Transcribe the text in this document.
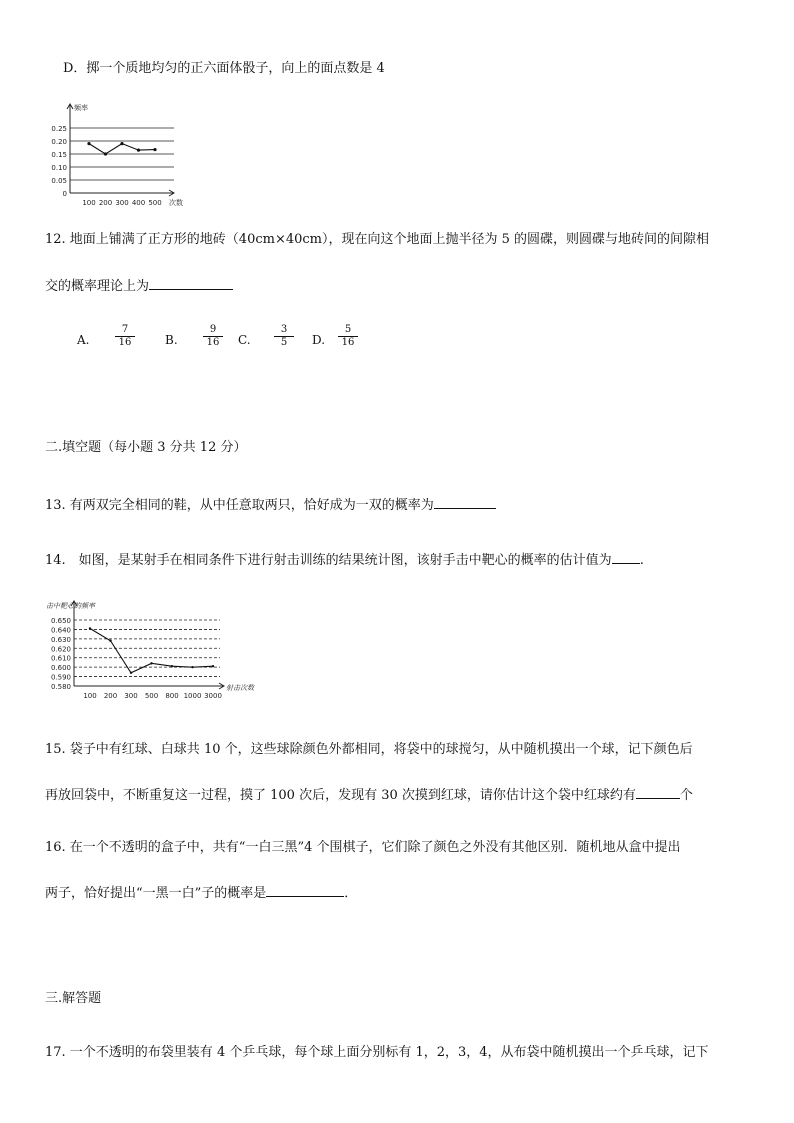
D．掷一个质地均匀的正六面体骰子，向上的面点数是 4
0.25
0.20
0.15
0.10
0.05
0
100 200 300 400 500
频率
次数
12. 地面上铺满了正方形的地砖（40cm×40cm），现在向这个地面上抛半径为 5 的圆碟，则圆碟与地砖间的间隙相
交的概率理论上为
A.	$\frac{7}{16}$	B.	$\frac{9}{16} C$. $\frac{3}{5} D$. $\frac{5}{16}$
二.填空题（每小题 3 分共 12 分）
13. 有两双完全相同的鞋，从中任意取两只，恰好成为一双的概率为
14.　如图，是某射手在相同条件下进行射击训练的结果统计图，该射手击中靶心的概率的估计值为 .
0.650
0.640
0.630
0.620
0.610
0.600
0.590
0.580
100 200 300 500 800 1000 3000
击中靶心的频率
射击次数
15. 袋子中有红球、白球共 10 个，这些球除颜色外都相同，将袋中的球搅匀，从中随机摸出一个球，记下颜色后
再放回袋中，不断重复这一过程，摸了 100 次后，发现有 30 次摸到红球，请你估计这个袋中红球约有	个
16. 在一个不透明的盒子中，共有“一白三黑”4 个围棋子，它们除了颜色之外没有其他区别．随机地从盒中提出
两子，恰好提出“一黑一白”子的概率是	．
三.解答题
17. 一个不透明的布袋里装有 4 个乒乓球，每个球上面分别标有 1，2，3，4，从布袋中随机摸出一个乒乓球，记下
